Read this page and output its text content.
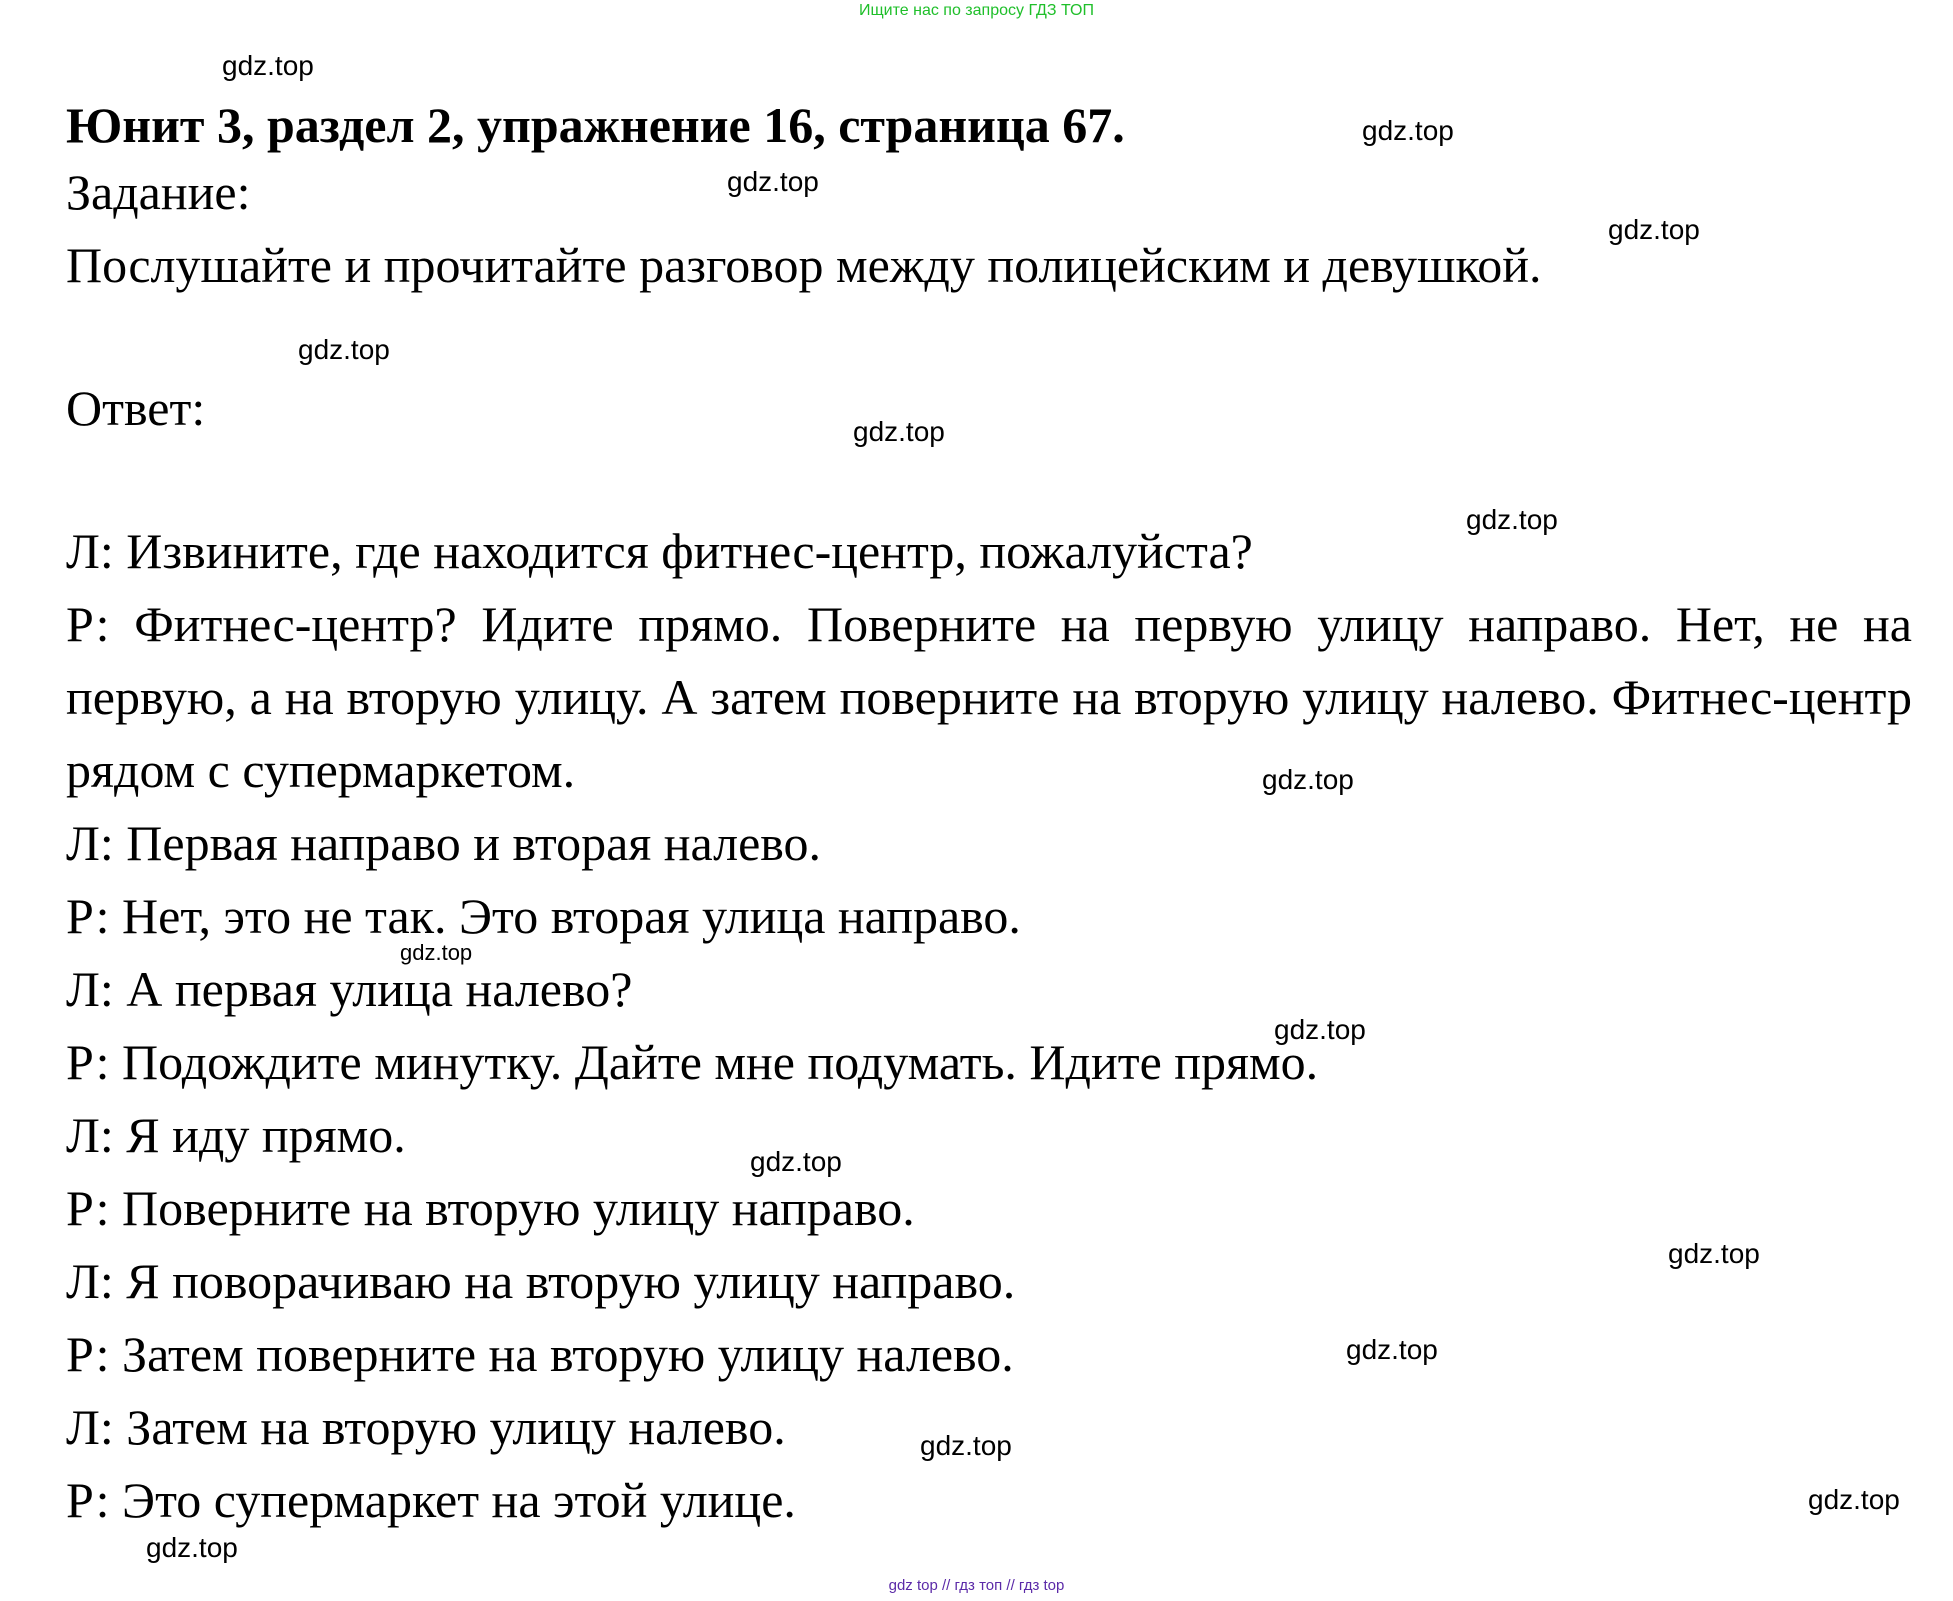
Ищите нас по запросу ГДЗ ТОП
Юнит 3, раздел 2, упражнение 16, страница 67.

Задание:

Послушайте и прочитайте разговор между полицейским и девушкой.

Ответ:

Л: Извините, где находится фитнес-центр, пожалуйста?

Р: Фитнес-центр? Идите прямо. Поверните на первую улицу направо. Нет, не на первую, а на вторую улицу. А затем поверните на вторую улицу налево. Фитнес-центр рядом с супермаркетом.

Л: Первая направо и вторая налево.

Р: Нет, это не так. Это вторая улица направо.

Л: А первая улица налево?

Р: Подождите минутку. Дайте мне подумать. Идите прямо.

Л: Я иду прямо.

Р: Поверните на вторую улицу направо.

Л: Я поворачиваю на вторую улицу направо.

Р: Затем поверните на вторую улицу налево.

Л: Затем на вторую улицу налево.

Р: Это супермаркет на этой улице.

gdz.top
gdz.top
gdz.top
gdz.top
gdz.top
gdz.top
gdz.top
gdz.top
gdz.top
gdz.top
gdz.top
gdz.top
gdz.top
gdz.top
gdz.top
gdz.top
gdz top // гдз топ // гдз top
